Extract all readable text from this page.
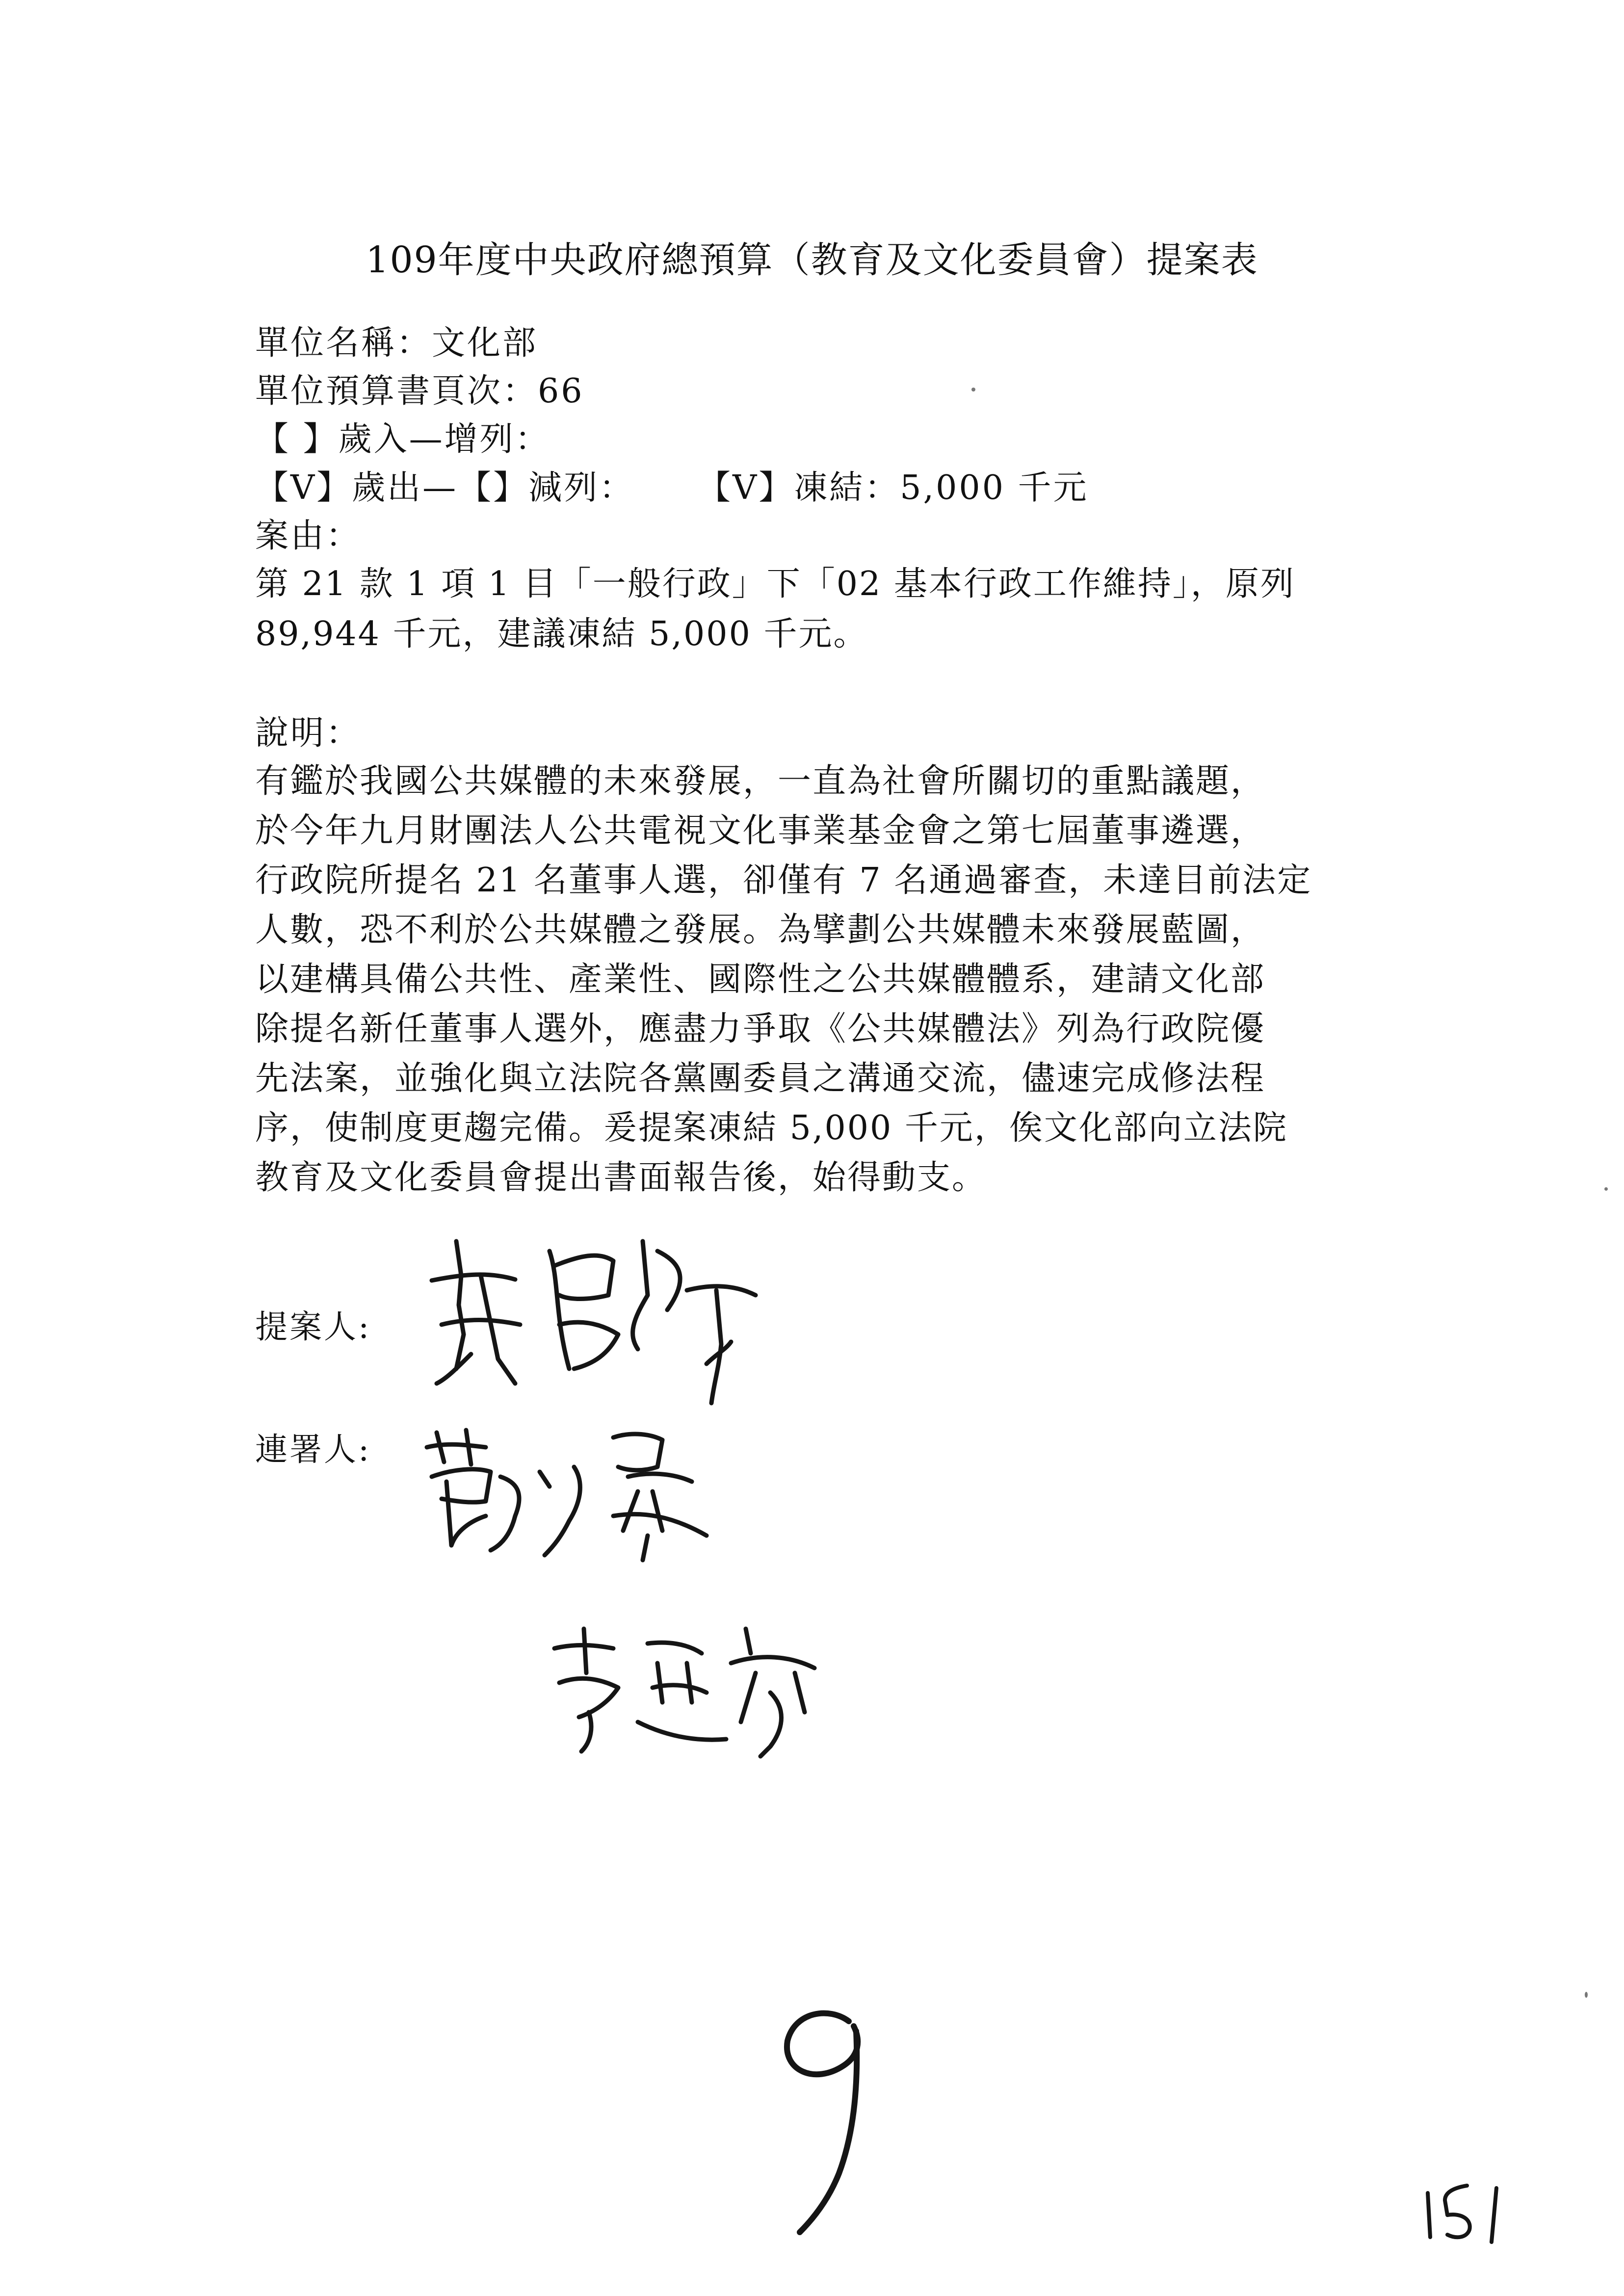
109年度中央政府總預算（教育及文化委員會）提案表
單位名稱：文化部
單位預算書頁次：66
【 】歲入—增列：
【V】歲出—【】減列：     【V】凍結：5,000 千元
案由：
第 21 款 1 項 1 目「一般行政」下「02 基本行政工作維持」，原列
89,944 千元，建議凍結 5,000 千元。
說明：
有鑑於我國公共媒體的未來發展，一直為社會所關切的重點議題，
於今年九月財團法人公共電視文化事業基金會之第七屆董事遴選，
行政院所提名 21 名董事人選，卻僅有 7 名通過審查，未達目前法定
人數，恐不利於公共媒體之發展。為擘劃公共媒體未來發展藍圖，
以建構具備公共性、產業性、國際性之公共媒體體系，建請文化部
除提名新任董事人選外，應盡力爭取《公共媒體法》列為行政院優
先法案，並強化與立法院各黨團委員之溝通交流，儘速完成修法程
序，使制度更趨完備。爰提案凍結 5,000 千元，俟文化部向立法院
教育及文化委員會提出書面報告後，始得動支。
提案人:
連署人:
